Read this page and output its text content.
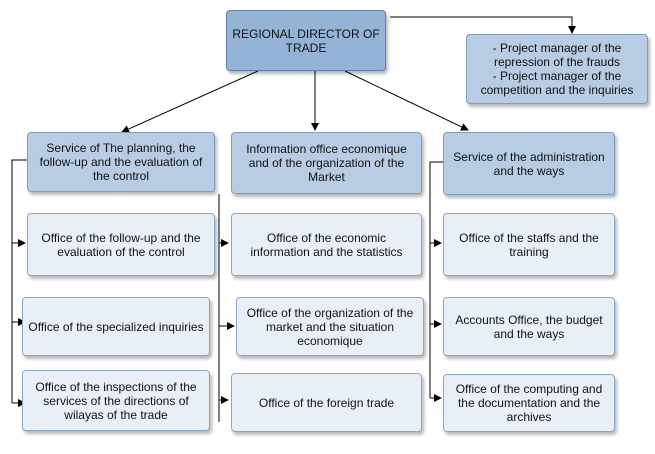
REGIONAL DIRECTOR OF TRADE	- Project manager of the repression of the frauds
- Project manager of the competition and the inquiries
Service of The planning, the follow-up and the evaluation of the control
Office of the follow-up and the evaluation of the control
Office of the specialized inquiries
Office of the inspections of the services of the directions of wilayas of the trade
Information office economique and of the organization of the Market
Office of the economic information and the statistics
Office of the organization of the market and the situation economique
Office of the foreign trade
Service of the administration and the ways
Office of the staffs and the training
Accounts Office, the budget and the ways
Office of the computing and the documentation and the archives
